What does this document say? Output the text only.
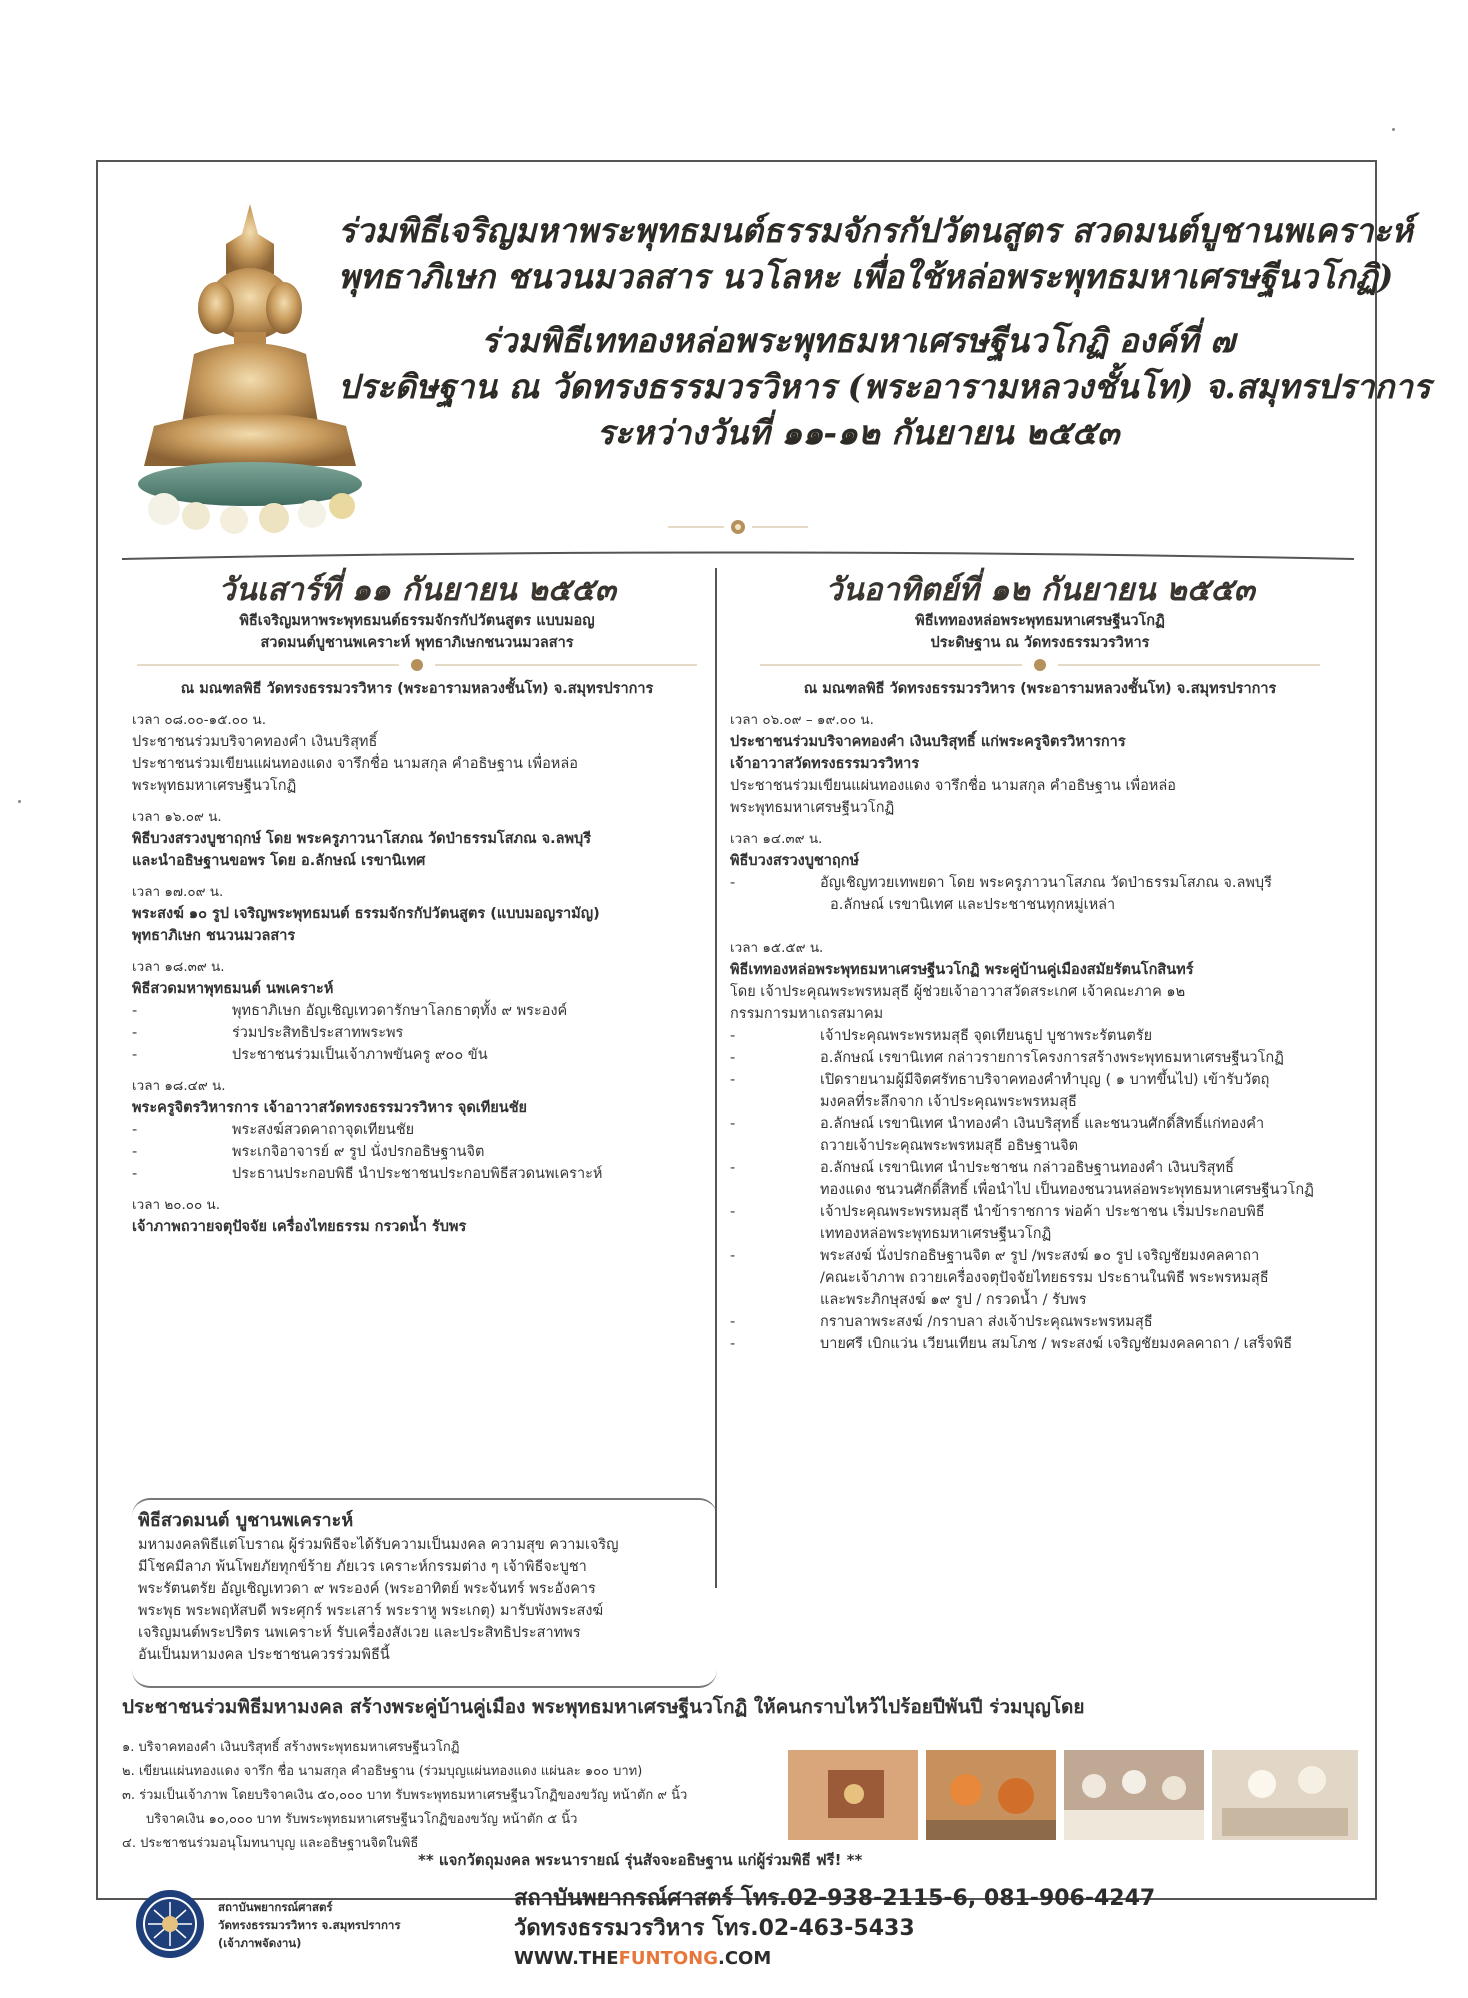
ร่วมพิธีเจริญมหาพระพุทธมนต์ธรรมจักรกัปวัตนสูตร สวดมนต์บูชานพเคราะห์
พุทธาภิเษก ชนวนมวลสาร นวโลหะ เพื่อใช้หล่อพระพุทธมหาเศรษฐีนวโกฏิ)
ร่วมพิธีเททองหล่อพระพุทธมหาเศรษฐีนวโกฏิ องค์ที่ ๗
ประดิษฐาน ณ วัดทรงธรรมวรวิหาร (พระอารามหลวงชั้นโท) จ.สมุทรปราการ
ระหว่างวันที่ ๑๑-๑๒ กันยายน ๒๕๕๓
วันเสาร์ที่ ๑๑ กันยายน ๒๕๕๓
พิธีเจริญมหาพระพุทธมนต์ธรรมจักรกัปวัตนสูตร แบบมอญ
สวดมนต์บูชานพเคราะห์ พุทธาภิเษกชนวนมวลสาร
ณ มณฑลพิธี วัดทรงธรรมวรวิหาร (พระอารามหลวงชั้นโท) จ.สมุทรปราการ
เวลา ๐๘.๐๐-๑๕.๐๐ น.
ประชาชนร่วมบริจาคทองคำ เงินบริสุทธิ์
ประชาชนร่วมเขียนแผ่นทองแดง จารึกชื่อ นามสกุล คำอธิษฐาน เพื่อหล่อ
พระพุทธมหาเศรษฐีนวโกฏิ
เวลา ๑๖.๐๙ น.
พิธีบวงสรวงบูชาฤกษ์ โดย พระครูภาวนาโสภณ วัดป่าธรรมโสภณ จ.ลพบุรี
และนำอธิษฐานขอพร โดย อ.ลักษณ์ เรขานิเทศ
เวลา ๑๗.๐๙ น.
พระสงฆ์ ๑๐ รูป เจริญพระพุทธมนต์ ธรรมจักรกัปวัตนสูตร (แบบมอญรามัญ)
พุทธาภิเษก ชนวนมวลสาร
เวลา ๑๘.๓๙ น.
พิธีสวดมหาพุทธมนต์ นพเคราะห์
- พุทธาภิเษก อัญเชิญเทวดารักษาโลกธาตุทั้ง ๙ พระองค์
- ร่วมประสิทธิประสาทพระพร
- ประชาชนร่วมเป็นเจ้าภาพขันครู ๙๐๐ ขัน
เวลา ๑๘.๔๙ น.
พระครูจิตรวิหารการ เจ้าอาวาสวัดทรงธรรมวรวิหาร จุดเทียนชัย
- พระสงฆ์สวดคาถาจุดเทียนชัย
- พระเกจิอาจารย์ ๙ รูป นั่งปรกอธิษฐานจิต
- ประธานประกอบพิธี นำประชาชนประกอบพิธีสวดนพเคราะห์
เวลา ๒๐.๐๐ น.
เจ้าภาพถวายจตุปัจจัย เครื่องไทยธรรม กรวดน้ำ รับพร
วันอาทิตย์ที่ ๑๒ กันยายน ๒๕๕๓
พิธีเททองหล่อพระพุทธมหาเศรษฐีนวโกฏิ
ประดิษฐาน ณ วัดทรงธรรมวรวิหาร
ณ มณฑลพิธี วัดทรงธรรมวรวิหาร (พระอารามหลวงชั้นโท) จ.สมุทรปราการ
เวลา ๐๖.๐๙ – ๑๙.๐๐ น.
ประชาชนร่วมบริจาคทองคำ เงินบริสุทธิ์ แก่พระครูจิตรวิหารการ
เจ้าอาวาสวัดทรงธรรมวรวิหาร
ประชาชนร่วมเขียนแผ่นทองแดง จารึกชื่อ นามสกุล คำอธิษฐาน เพื่อหล่อ
พระพุทธมหาเศรษฐีนวโกฏิ
เวลา ๑๔.๓๙ น.
พิธีบวงสรวงบูชาฤกษ์
- อัญเชิญทวยเทพยดา โดย พระครูภาวนาโสภณ วัดป่าธรรมโสภณ จ.ลพบุรี
อ.ลักษณ์ เรขานิเทศ และประชาชนทุกหมู่เหล่า
เวลา ๑๕.๕๙ น.
พิธีเททองหล่อพระพุทธมหาเศรษฐีนวโกฏิ พระคู่บ้านคู่เมืองสมัยรัตนโกสินทร์
โดย เจ้าประคุณพระพรหมสุธี ผู้ช่วยเจ้าอาวาสวัดสระเกศ เจ้าคณะภาค ๑๒
กรรมการมหาเถรสมาคม
- เจ้าประคุณพระพรหมสุธี จุดเทียนธูป บูชาพระรัตนตรัย
- อ.ลักษณ์ เรขานิเทศ กล่าวรายการโครงการสร้างพระพุทธมหาเศรษฐีนวโกฏิ
- เปิดรายนามผู้มีจิตศรัทธาบริจาคทองคำทำบุญ ( ๑ บาทขึ้นไป) เข้ารับวัตถุ
มงคลที่ระลึกจาก เจ้าประคุณพระพรหมสุธี
- อ.ลักษณ์ เรขานิเทศ นำทองคำ เงินบริสุทธิ์ และชนวนศักดิ์สิทธิ์แก่ทองคำ
ถวายเจ้าประคุณพระพรหมสุธี อธิษฐานจิต
- อ.ลักษณ์ เรขานิเทศ นำประชาชน กล่าวอธิษฐานทองคำ เงินบริสุทธิ์
ทองแดง ชนวนศักดิ์สิทธิ์ เพื่อนำไป เป็นทองชนวนหล่อพระพุทธมหาเศรษฐีนวโกฏิ
- เจ้าประคุณพระพรหมสุธี นำข้าราชการ พ่อค้า ประชาชน เริ่มประกอบพิธี
เททองหล่อพระพุทธมหาเศรษฐีนวโกฏิ
- พระสงฆ์ นั่งปรกอธิษฐานจิต ๙ รูป /พระสงฆ์ ๑๐ รูป เจริญชัยมงคลคาถา
/คณะเจ้าภาพ ถวายเครื่องจตุปัจจัยไทยธรรม ประธานในพิธี พระพรหมสุธี
และพระภิกษุสงฆ์ ๑๙ รูป / กรวดน้ำ / รับพร
- กราบลาพระสงฆ์ /กราบลา ส่งเจ้าประคุณพระพรหมสุธี
- บายศรี เบิกแว่น เวียนเทียน สมโภช / พระสงฆ์ เจริญชัยมงคลคาถา / เสร็จพิธี
พิธีสวดมนต์ บูชานพเคราะห์
มหามงคลพิธีแต่โบราณ ผู้ร่วมพิธีจะได้รับความเป็นมงคล ความสุข ความเจริญ
มีโชคมีลาภ พ้นโพยภัยทุกข์ร้าย ภัยเวร เคราะห์กรรมต่าง ๆ เจ้าพิธีจะบูชา
พระรัตนตรัย อัญเชิญเทวดา ๙ พระองค์ (พระอาทิตย์ พระจันทร์ พระอังคาร
พระพุธ พระพฤหัสบดี พระศุกร์ พระเสาร์ พระราหู พระเกตุ) มารับพังพระสงฆ์
เจริญมนต์พระปริตร นพเคราะห์ รับเครื่องสังเวย และประสิทธิประสาทพร
อันเป็นมหามงคล ประชาชนควรร่วมพิธีนี้
ประชาชนร่วมพิธีมหามงคล สร้างพระคู่บ้านคู่เมือง พระพุทธมหาเศรษฐีนวโกฏิ ให้คนกราบไหว้ไปร้อยปีพันปี ร่วมบุญโดย
๑. บริจาคทองคำ เงินบริสุทธิ์ สร้างพระพุทธมหาเศรษฐีนวโกฏิ
๒. เขียนแผ่นทองแดง จารึก ชื่อ นามสกุล คำอธิษฐาน (ร่วมบุญแผ่นทองแดง แผ่นละ ๑๐๐ บาท)
๓. ร่วมเป็นเจ้าภาพ โดยบริจาคเงิน ๕๐,๐๐๐ บาท รับพระพุทธมหาเศรษฐีนวโกฏิของขวัญ หน้าตัก ๙ นิ้ว
บริจาคเงิน ๑๐,๐๐๐ บาท รับพระพุทธมหาเศรษฐีนวโกฏิของขวัญ หน้าตัก ๕ นิ้ว
๔. ประชาชนร่วมอนุโมทนาบุญ และอธิษฐานจิตในพิธี
** แจกวัตถุมงคล พระนารายณ์ รุ่นสัจจะอธิษฐาน แก่ผู้ร่วมพิธี ฟรี! **
สถาบันพยากรณ์ศาสตร์
วัดทรงธรรมวรวิหาร จ.สมุทรปราการ
(เจ้าภาพจัดงาน)
สถาบันพยากรณ์ศาสตร์ โทร.02-938-2115-6, 081-906-4247
วัดทรงธรรมวรวิหาร โทร.02-463-5433
WWW.THEFUNTONG.COM
